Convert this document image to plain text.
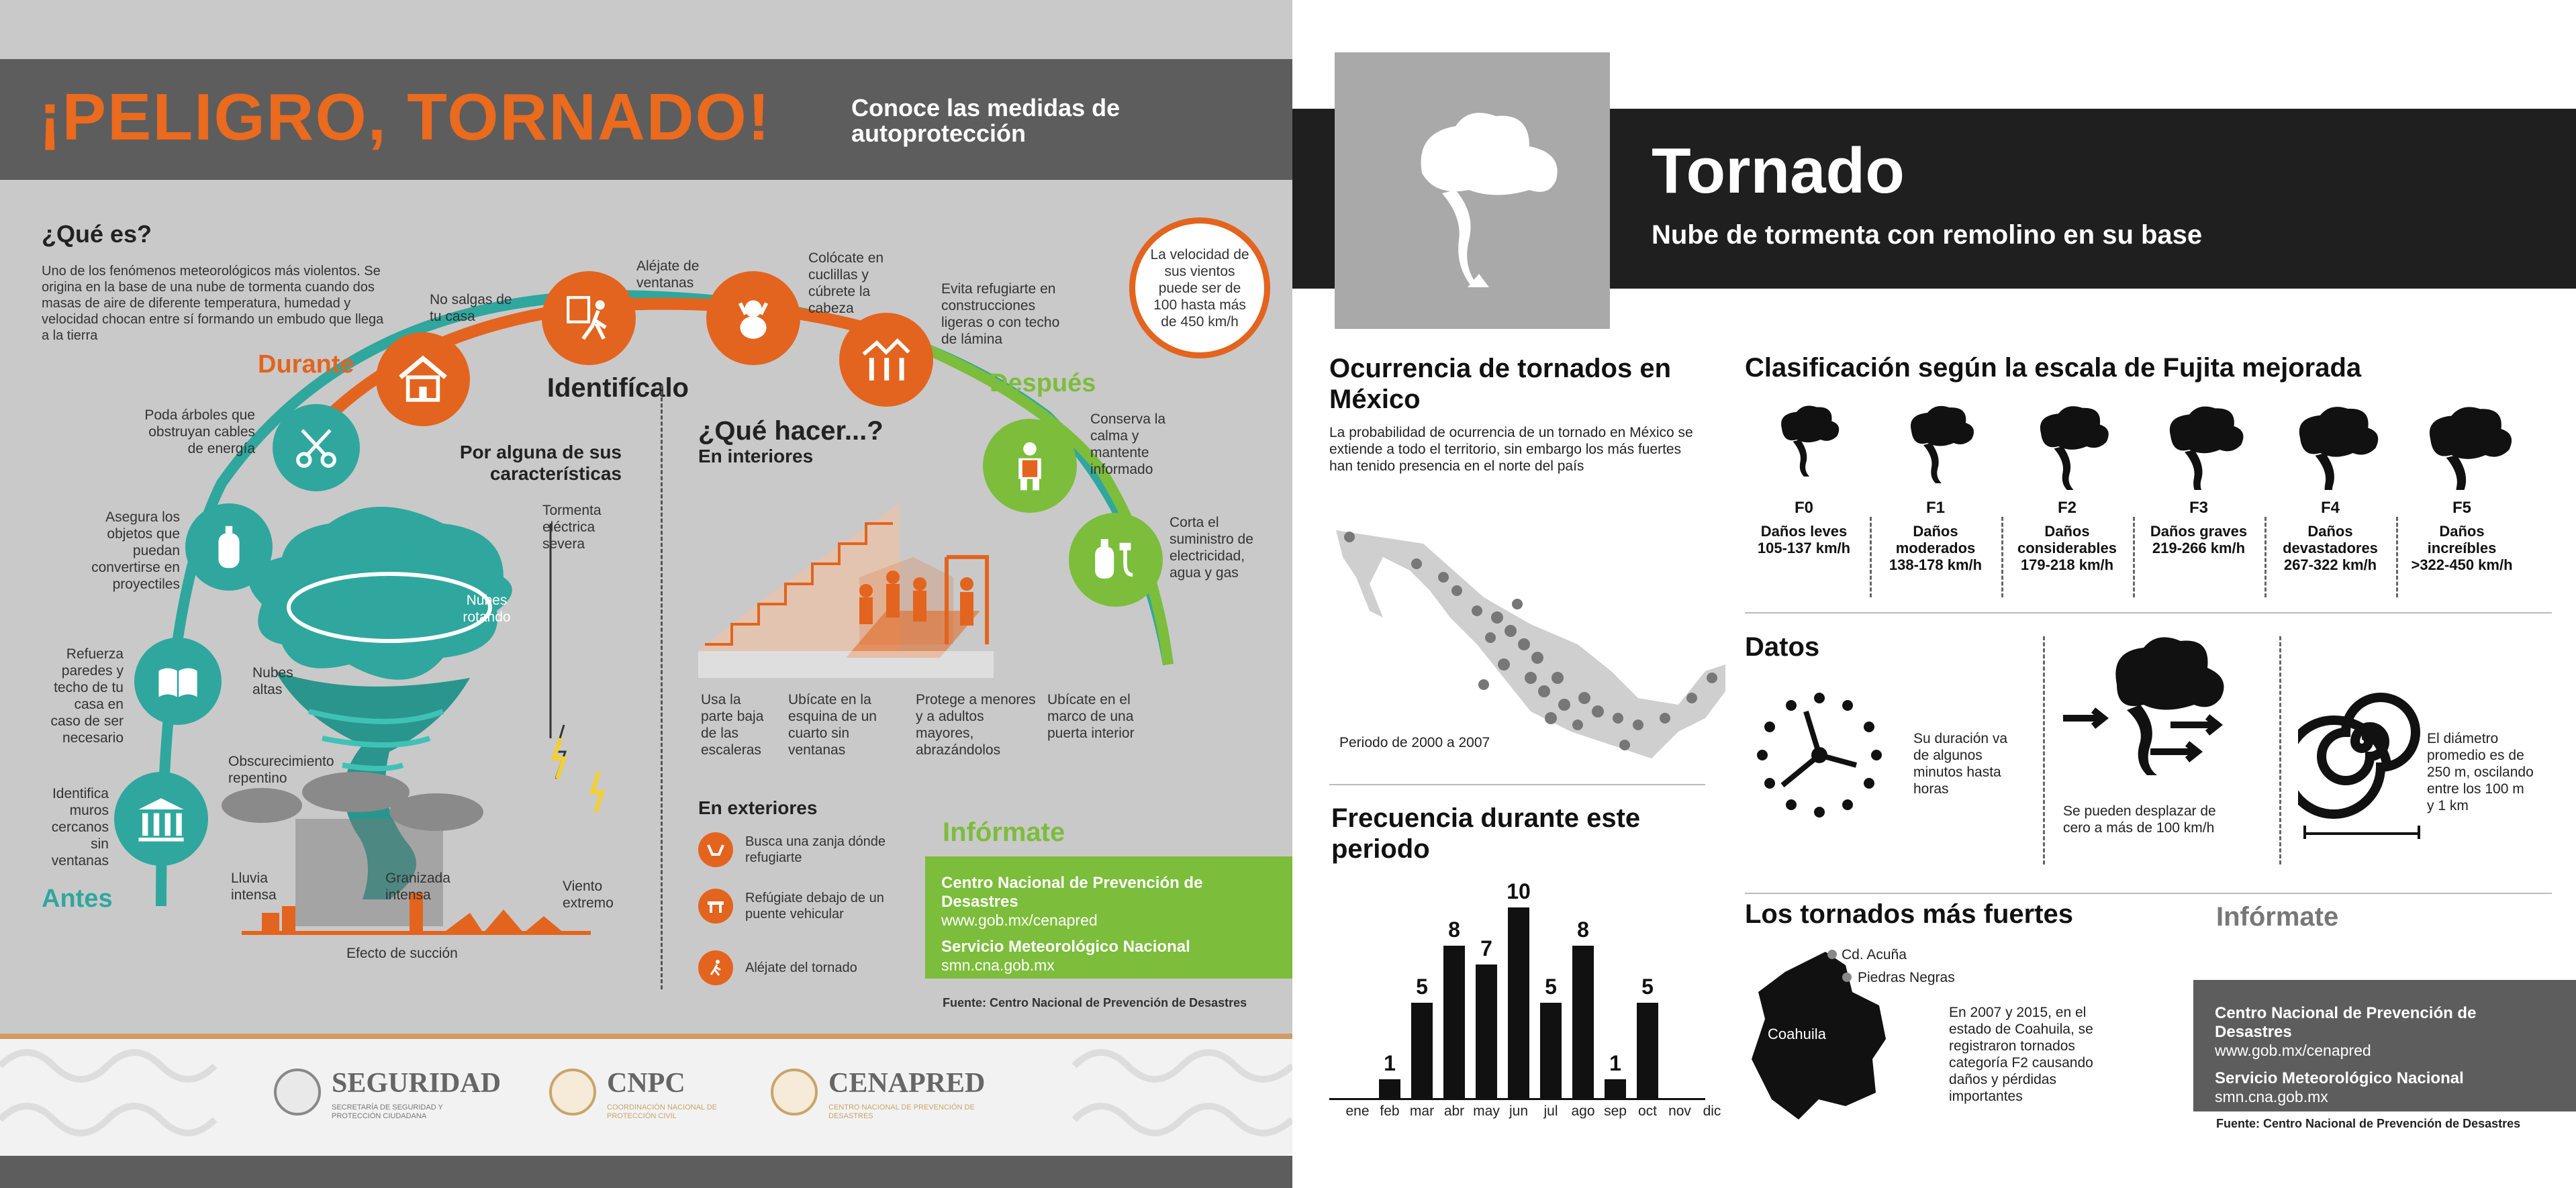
¡PELIGRO, TORNADO!	Conoce las medidas de autoprotección
¿Qué es?
Uno de los fenómenos meteorológicos más violentos. Se origina en la base de una nube de tormenta cuando dos masas de aire de diferente temperatura, humedad y velocidad chocan entre sí formando un embudo que llega a la tierra
La velocidad de sus vientos puede ser de 100 hasta más de 450 km/h
Durante
Después
Antes
No salgas de tu casa
Aléjate de ventanas
Colócate en cuclillas y cúbrete la cabeza
Evita refugiarte en construcciones ligeras o con techo de lámina
Poda árboles que obstruyan cables de energía
Asegura los objetos que puedan convertirse en proyectiles
Refuerza paredes y techo de tu casa en caso de ser necesario
Identifica muros cercanos sin ventanas
Conserva la calma y mantente informado
Corta el suministro de electricidad, agua y gas
Identifícalo
Por alguna de sus características
Tormenta eléctrica severa
Nubes rotando
Nubes altas
Obscurecimiento repentino
Lluvia intensa
Granizada intensa
Viento extremo
Efecto de succión
¿Qué hacer...?
En interiores
Usa la parte baja de las escaleras
Ubícate en la esquina de un cuarto sin ventanas
Protege a menores y a adultos mayores, abrazándolos
Ubícate en el marco de una puerta interior
En exteriores
Busca una zanja dónde refugiarte
Refúgiate debajo de un puente vehicular
Aléjate del tornado
Infórmate
Centro Nacional de Prevención de Desastres
www.gob.mx/cenapred
Servicio Meteorológico Nacional
smn.cna.gob.mx
Fuente: Centro Nacional de Prevención de Desastres
SEGURIDAD
SECRETARÍA DE SEGURIDAD Y PROTECCIÓN CIUDADANA
CNPC
COORDINACIÓN NACIONAL DE PROTECCIÓN CIVIL
CENAPRED
CENTRO NACIONAL DE PREVENCIÓN DE DESASTRES
Tornado
Nube de tormenta con remolino en su base
Ocurrencia de tornados en México
La probabilidad de ocurrencia de un tornado en México se extiende a todo el territorio, sin embargo los más fuertes han tenido presencia en el norte del país
Periodo de 2000 a 2007
Frecuencia durante este periodo
ene feb
1
mar
5
abr
8
may
7
jun
10
jul
5
ago
8
sep
1
oct
5
nov dic
Clasificación según la escala de Fujita mejorada
F0
Daños leves
105-137 km/h
F1
Daños moderados
138-178 km/h
F2
Daños considerables
179-218 km/h
F3
Daños graves
219-266 km/h
F4
Daños devastadores
267-322 km/h
F5
Daños increíbles
>322-450 km/h
Datos
Su duración va de algunos minutos hasta horas
Se pueden desplazar de cero a más de 100 km/h
El diámetro promedio es de 250 m, oscilando entre los 100 m y 1 km
Los tornados más fuertes
Cd. Acuña
Piedras Negras
Coahuila
En 2007 y 2015, en el estado de Coahuila, se registraron tornados categoría F2 causando daños y pérdidas importantes
Infórmate
Centro Nacional de Prevención de Desastres
www.gob.mx/cenapred
Servicio Meteorológico Nacional
smn.cna.gob.mx
Fuente: Centro Nacional de Prevención de Desastres
